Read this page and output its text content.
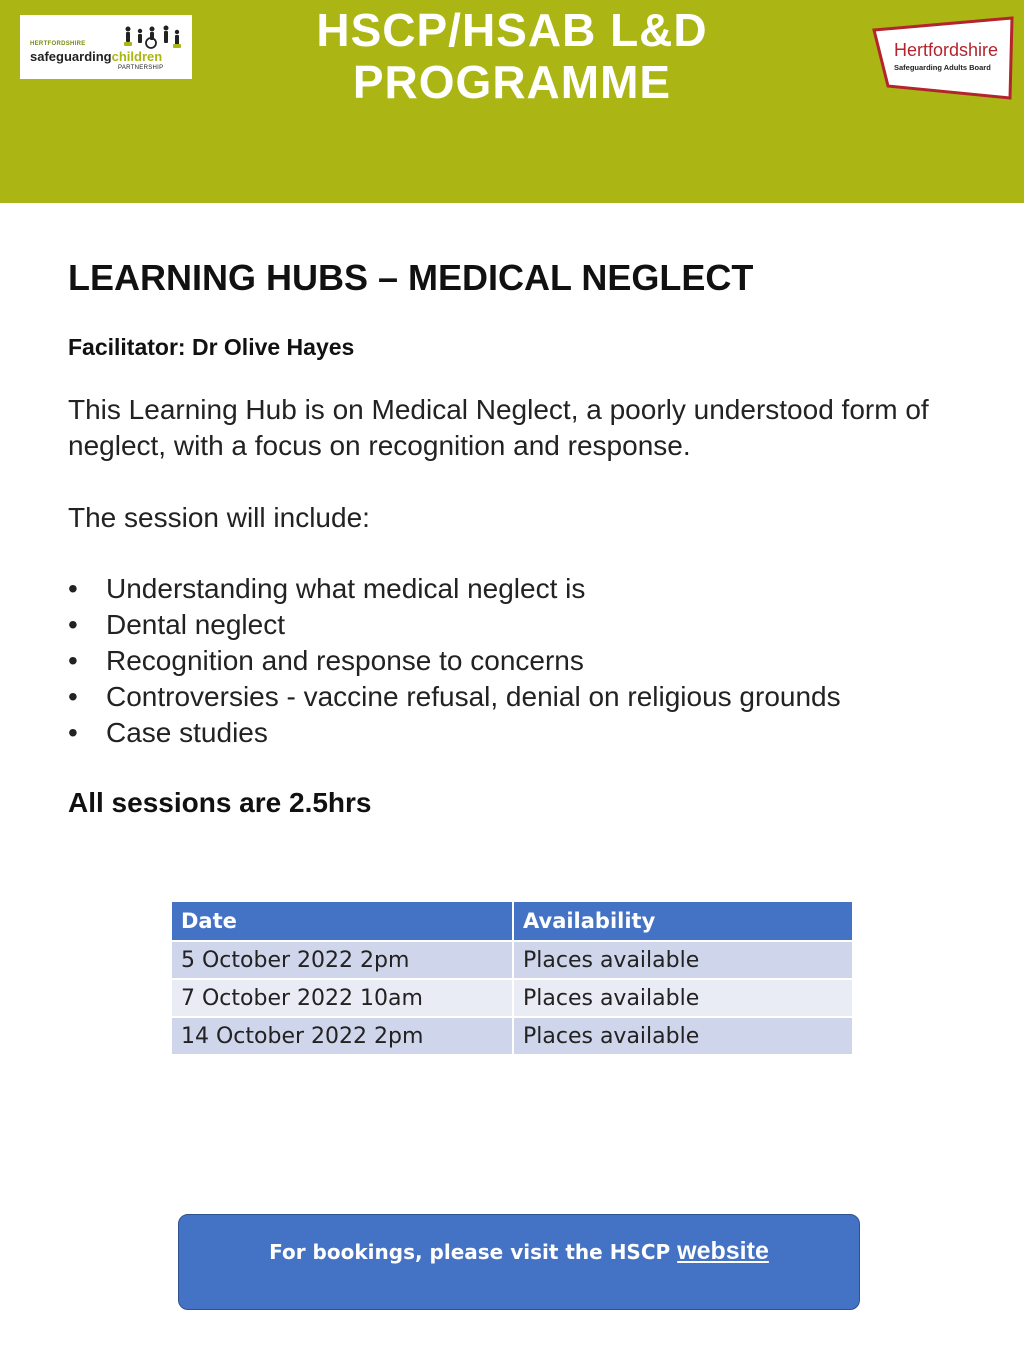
HERTFORDSHIRE
safeguardingchildren
PARTNERSHIP
HSCP/HSAB L&D
PROGRAMME
Hertfordshire
Safeguarding Adults Board
LEARNING HUBS – MEDICAL NEGLECT
Facilitator: Dr Olive Hayes
This Learning Hub is on Medical Neglect, a poorly understood form of neglect, with a focus on recognition and response.
The session will include:
• Understanding what medical neglect is
• Dental neglect
• Recognition and response to concerns
• Controversies - vaccine refusal, denial on religious grounds
• Case studies
All sessions are 2.5hrs
Date	Availability
5 October 2022 2pm	Places available
7 October 2022 10am	Places available
14 October 2022 2pm	Places available
For bookings, please visit the HSCP website
